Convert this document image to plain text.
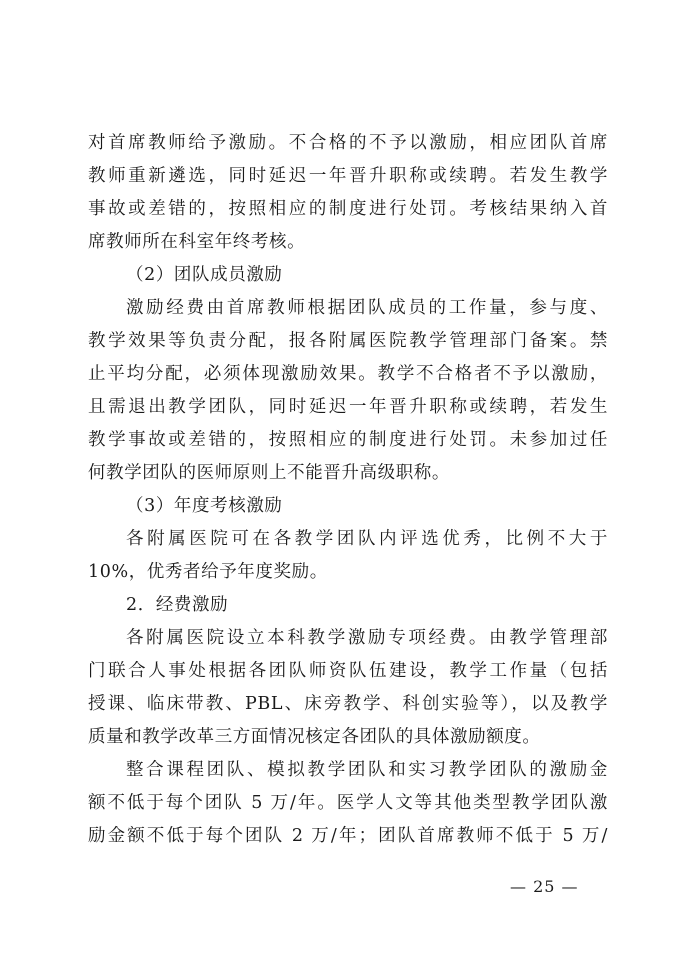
对首席教师给予激励。不合格的不予以激励，相应团队首席
教师重新遴选，同时延迟一年晋升职称或续聘。若发生教学
事故或差错的，按照相应的制度进行处罚。考核结果纳入首
席教师所在科室年终考核。
（2）团队成员激励
激励经费由首席教师根据团队成员的工作量，参与度、
教学效果等负责分配，报各附属医院教学管理部门备案。禁
止平均分配，必须体现激励效果。教学不合格者不予以激励，
且需退出教学团队，同时延迟一年晋升职称或续聘，若发生
教学事故或差错的，按照相应的制度进行处罚。未参加过任
何教学团队的医师原则上不能晋升高级职称。
（3）年度考核激励
各附属医院可在各教学团队内评选优秀，比例不大于
10%，优秀者给予年度奖励。
2．经费激励
各附属医院设立本科教学激励专项经费。由教学管理部
门联合人事处根据各团队师资队伍建设，教学工作量（包括
授课、临床带教、PBL、床旁教学、科创实验等），以及教学
质量和教学改革三方面情况核定各团队的具体激励额度。
整合课程团队、模拟教学团队和实习教学团队的激励金
额不低于每个团队 5 万/年。医学人文等其他类型教学团队激
励金额不低于每个团队 2 万/年；团队首席教师不低于 5 万/
— 25 —
